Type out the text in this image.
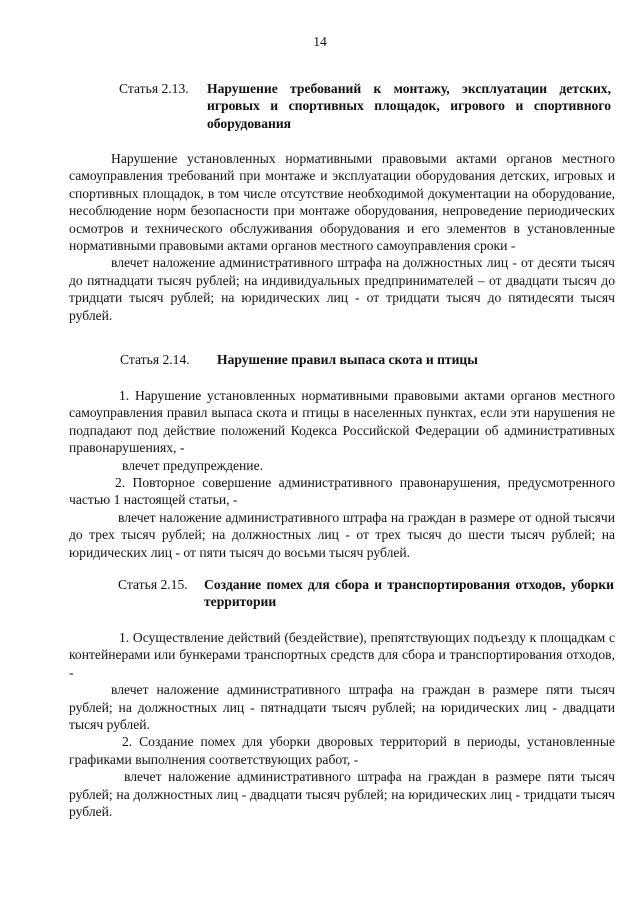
14
Статья 2.13.	Нарушение требований к монтажу, эксплуатации детских, игровых и спортивных площадок, игрового и спортивного оборудования

Нарушение установленных нормативными правовыми актами органов местного самоуправления требований при монтаже и эксплуатации оборудования детских, игровых и спортивных площадок, в том числе отсутствие необходимой документации на оборудование, несоблюдение норм безопасности при монтаже оборудования, непроведение периодических осмотров и технического обслуживания оборудования и его элементов в установленные нормативными правовыми актами органов местного самоуправления сроки -

влечет наложение административного штрафа на должностных лиц - от десяти тысяч до пятнадцати тысяч рублей; на индивидуальных предпринимателей – от двадцати тысяч до тридцати тысяч рублей; на юридических лиц - от тридцати тысяч до пятидесяти тысяч рублей.

Статья 2.14.	Нарушение правил выпаса скота и птицы

1. Нарушение установленных нормативными правовыми актами органов местного самоуправления правил выпаса скота и птицы в населенных пунктах, если эти нарушения не подпадают под действие положений Кодекса Российской Федерации об административных правонарушениях, -

влечет предупреждение.

2. Повторное совершение административного правонарушения, предусмотренного частью 1 настоящей статьи, -

влечет наложение административного штрафа на граждан в размере от одной тысячи до трех тысяч рублей; на должностных лиц - от трех тысяч до шести тысяч рублей; на юридических лиц - от пяти тысяч до восьми тысяч рублей.

Статья 2.15.	Создание помех для сбора и транспортирования отходов, уборки территории

1. Осуществление действий (бездействие), препятствующих подъезду к площадкам с контейнерами или бункерами транспортных средств для сбора и транспортирования отходов, -

влечет наложение административного штрафа на граждан в размере пяти тысяч рублей; на должностных лиц - пятнадцати тысяч рублей; на юридических лиц - двадцати тысяч рублей.

2. Создание помех для уборки дворовых территорий в периоды, установленные графиками выполнения соответствующих работ, -

влечет наложение административного штрафа на граждан в размере пяти тысяч рублей; на должностных лиц - двадцати тысяч рублей; на юридических лиц - тридцати тысяч рублей.
